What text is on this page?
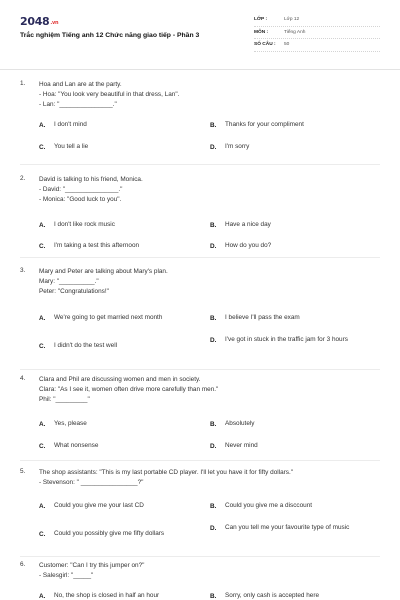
2048.vn
Trắc nghiệm Tiếng anh 12 Chức năng giao tiếp - Phần 3
LỚP :	Lớp 12
MÔN :	Tiếng Anh
SỐ CÂU :	50
1.	Hoa and Lan are at the party.
- Hoa: "You look very beautiful in that dress, Lan".
- Lan: "_______________."
A.	I don't mind	B.	Thanks for your compliment
C.	You tell a lie	D.	I'm sorry
2.	David is talking to his friend, Monica.
- David: "_______________."
- Monica: "Good luck to you".
A.	I don't like rock music	B.	Have a nice day
C.	I'm taking a test this afternoon	D.	How do you do?
3.	Mary and Peter are talking about Mary's plan.
Mary: "__________."
Peter: "Congratulations!"
A.	We're going to get married next month	B.	I believe I'll pass the exam
C.	I didn't do the test well
D.	I've got in stuck in the traffic jam for 3 hours
4.	Clara and Phil are discussing women and men in society.
Clara: "As I see it, women often drive more carefully than men."
Phil: "_________"
A.	Yes, please	B.	Absolutely
C.	What nonsense	D.	Never mind
5.	The shop assistants: "This is my last portable CD player. I'll let you have it for fifty dollars."
- Stevenson: " ________________?"
A.	Could you give me your last CD	B.	Could you give me a disccount
C.	Could you possibly give me fifty dollars
D.	Can you tell me your favourite type of music
6.	Customer: "Can I try this jumper on?"
- Salesgirl: "_____"
A.	No, the shop is closed in half an hour	B.	Sorry, only cash is accepted here
